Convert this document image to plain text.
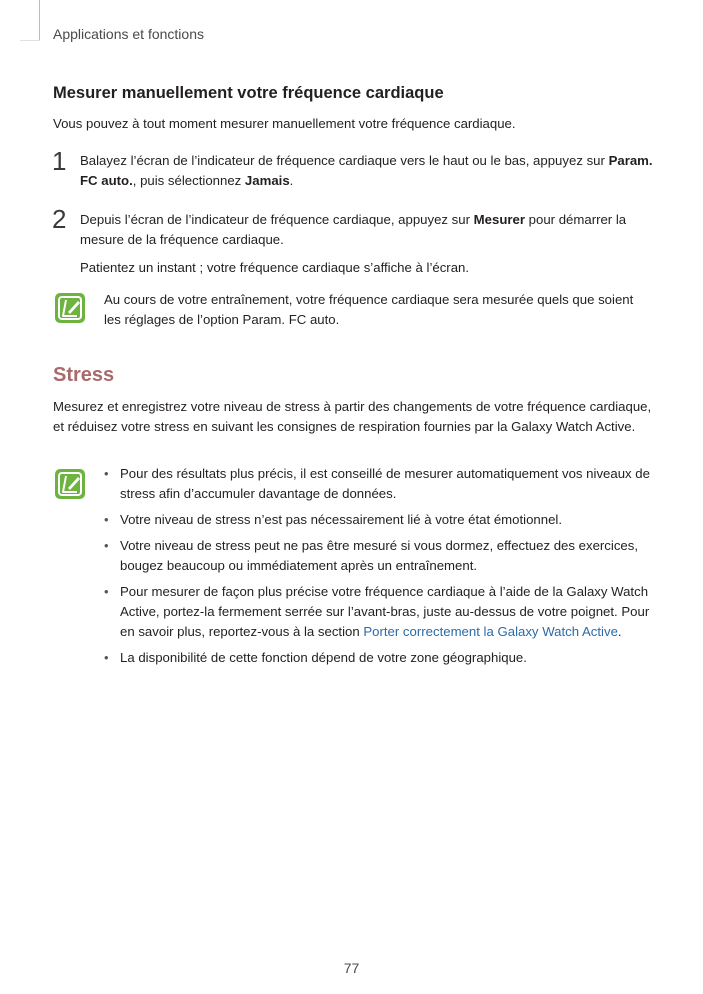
Applications et fonctions
Mesurer manuellement votre fréquence cardiaque

Vous pouvez à tout moment mesurer manuellement votre fréquence cardiaque.

1 Balayez l’écran de l’indicateur de fréquence cardiaque vers le haut ou le bas, appuyez sur Param. FC auto., puis sélectionnez Jamais.

2 Depuis l’écran de l’indicateur de fréquence cardiaque, appuyez sur Mesurer pour démarrer la mesure de la fréquence cardiaque.

Patientez un instant ; votre fréquence cardiaque s’affiche à l’écran.

Au cours de votre entraînement, votre fréquence cardiaque sera mesurée quels que soient les réglages de l’option Param. FC auto.

Stress

Mesurez et enregistrez votre niveau de stress à partir des changements de votre fréquence cardiaque, et réduisez votre stress en suivant les consignes de respiration fournies par la Galaxy Watch Active.

• Pour des résultats plus précis, il est conseillé de mesurer automatiquement vos niveaux de stress afin d’accumuler davantage de données.
• Votre niveau de stress n’est pas nécessairement lié à votre état émotionnel.
• Votre niveau de stress peut ne pas être mesuré si vous dormez, effectuez des exercices, bougez beaucoup ou immédiatement après un entraînement.
• Pour mesurer de façon plus précise votre fréquence cardiaque à l’aide de la Galaxy Watch Active, portez-la fermement serrée sur l’avant-bras, juste au-dessus de votre poignet. Pour en savoir plus, reportez-vous à la section Porter correctement la Galaxy Watch Active.
• La disponibilité de cette fonction dépend de votre zone géographique.
77
